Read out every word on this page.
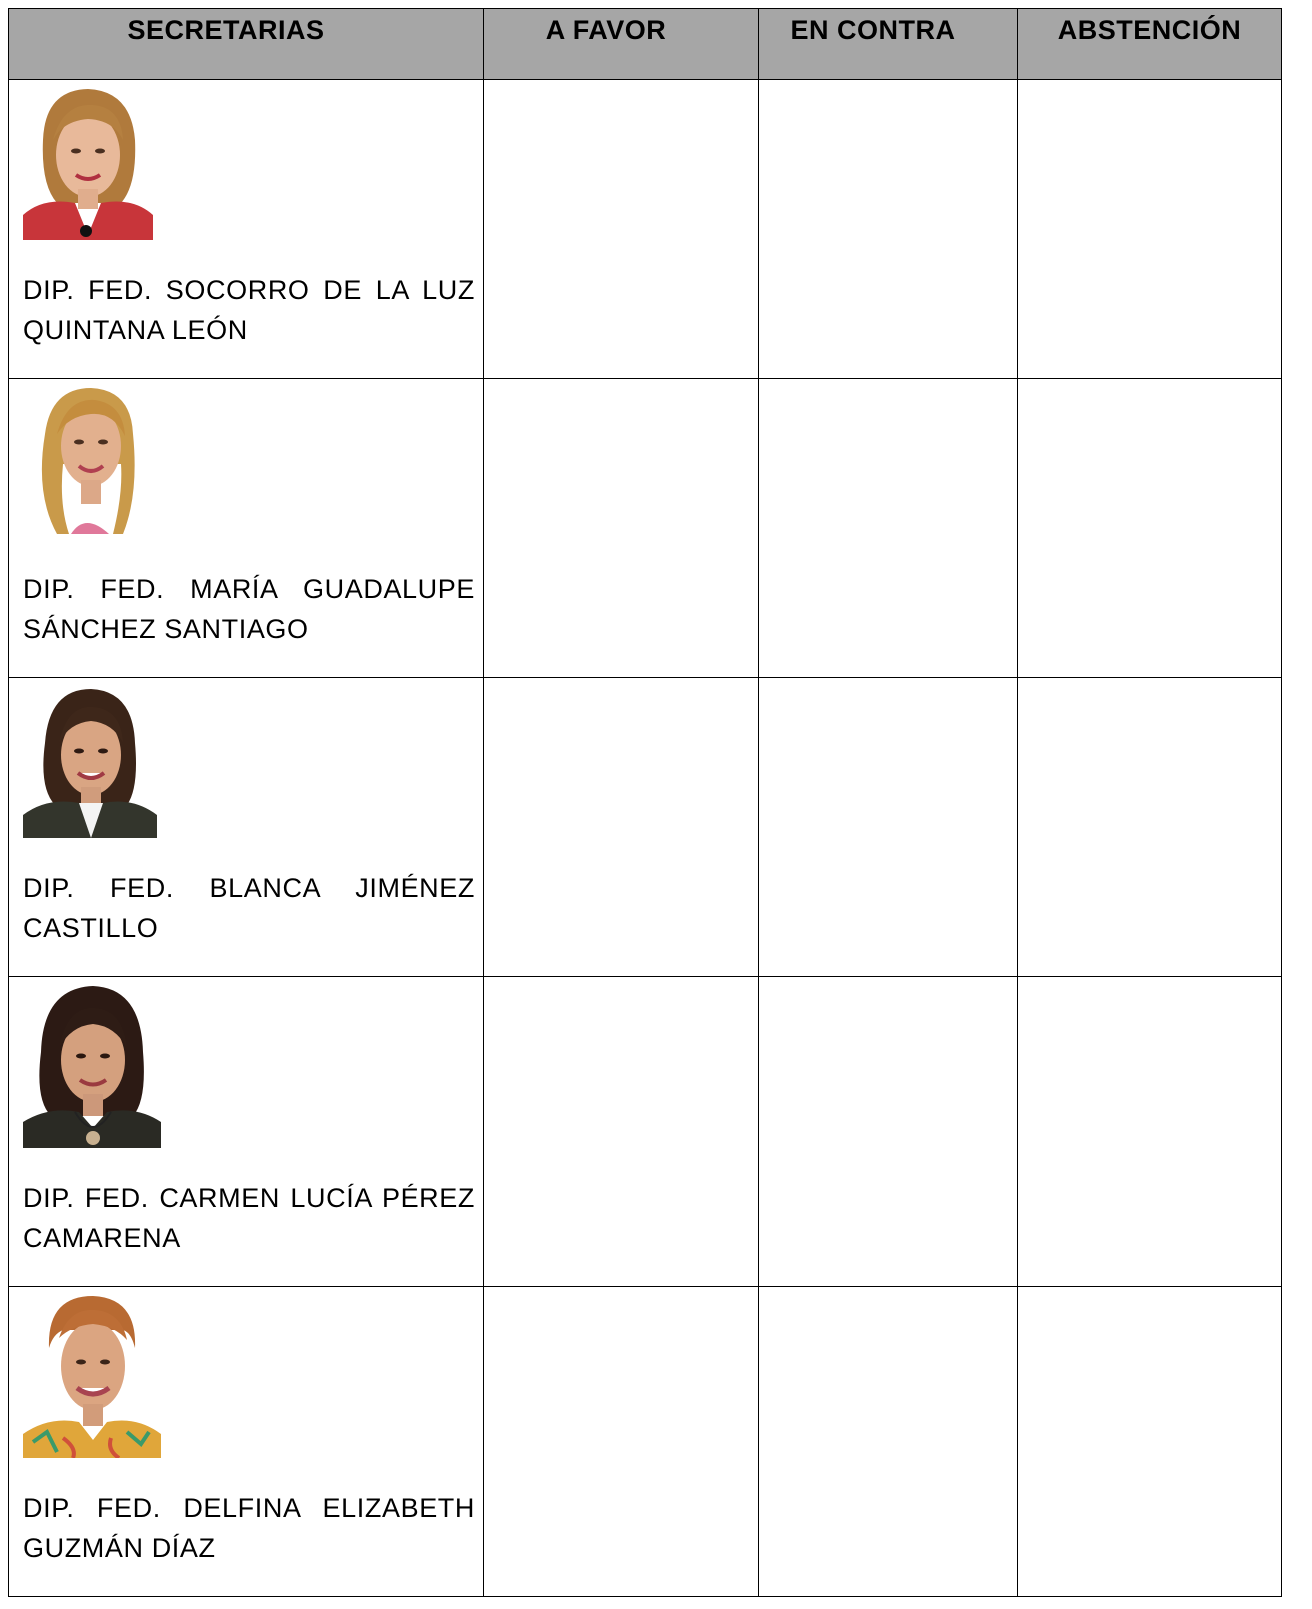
SECRETARIAS	A FAVOR	EN CONTRA	ABSTENCIÓN

DIP. FED. SOCORRO DE LA LUZ QUINTANA LEÓN			

DIP. FED. MARÍA GUADALUPE SÁNCHEZ SANTIAGO			

DIP. FED. BLANCA JIMÉNEZ CASTILLO			

DIP. FED. CARMEN LUCÍA PÉREZ CAMARENA			

DIP. FED. DELFINA ELIZABETH GUZMÁN DÍAZ			
